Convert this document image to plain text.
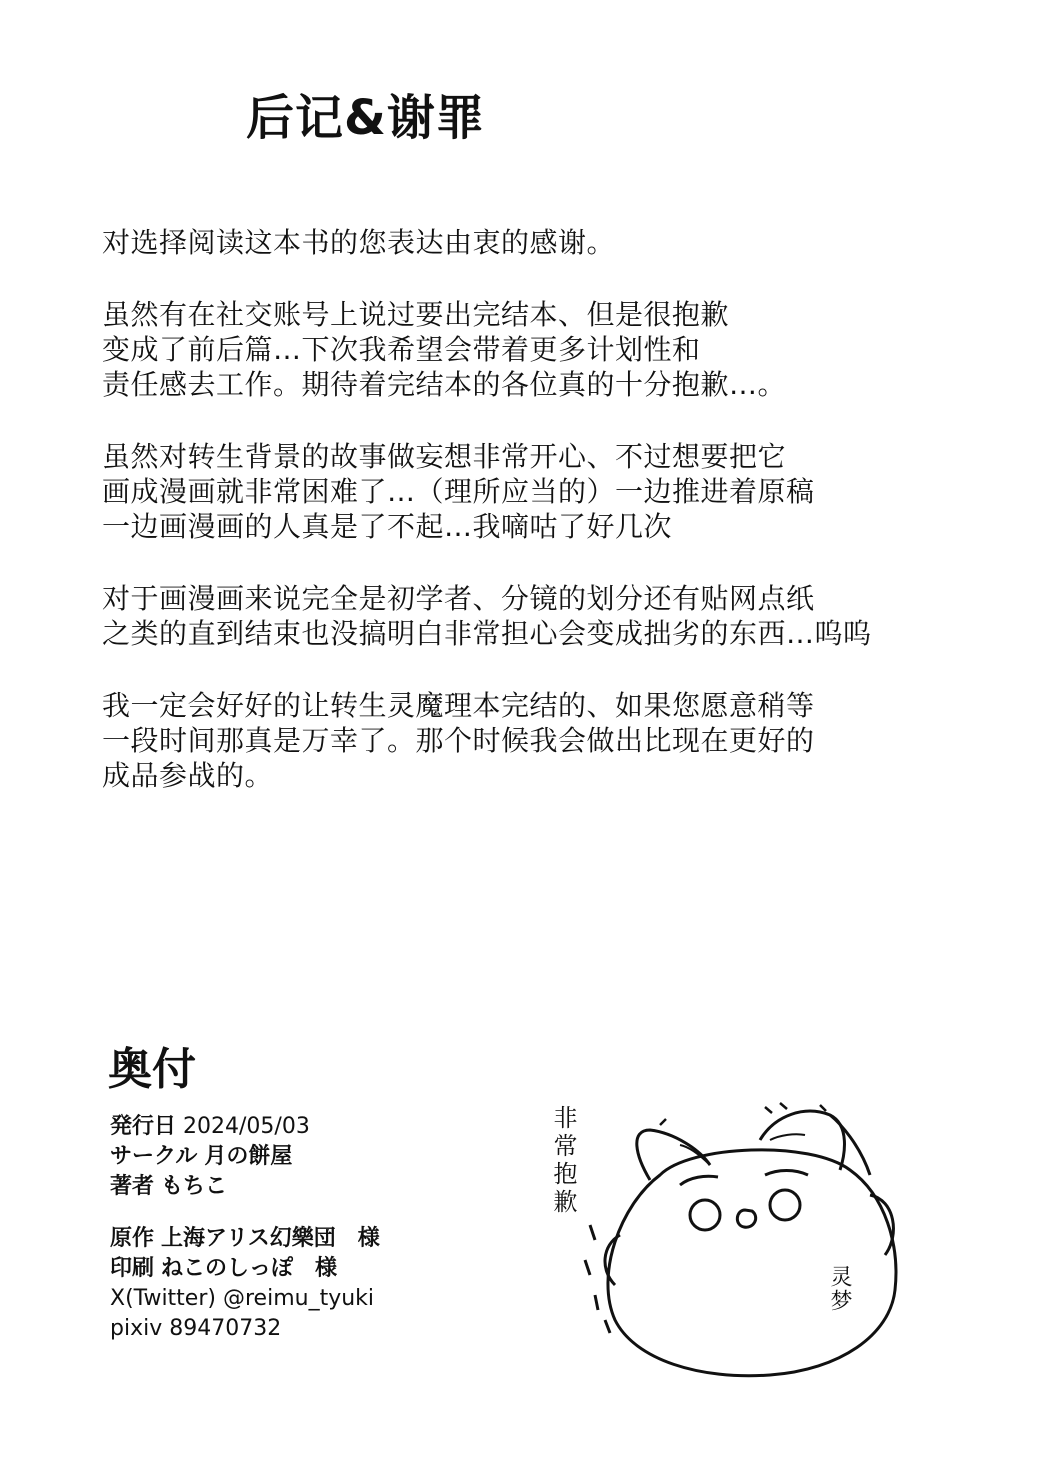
后记&谢罪
对选择阅读这本书的您表达由衷的感谢。
虽然有在社交账号上说过要出完结本、但是很抱歉
变成了前后篇…下次我希望会带着更多计划性和
责任感去工作。期待着完结本的各位真的十分抱歉…。
虽然对转生背景的故事做妄想非常开心、不过想要把它
画成漫画就非常困难了…（理所应当的）一边推进着原稿
一边画漫画的人真是了不起…我嘀咕了好几次
对于画漫画来说完全是初学者、分镜的划分还有贴网点纸
之类的直到结束也没搞明白非常担心会变成拙劣的东西…呜呜
我一定会好好的让转生灵魔理本完结的、如果您愿意稍等
一段时间那真是万幸了。那个时候我会做出比现在更好的
成品参战的。
奥付
発行日 2024/05/03
サークル 月の餅屋
著者 もちこ
原作 上海アリス幻樂団　様
印刷 ねこのしっぽ　様
X(Twitter) @reimu_tyuki
pixiv 89470732
非常抱歉
灵梦
